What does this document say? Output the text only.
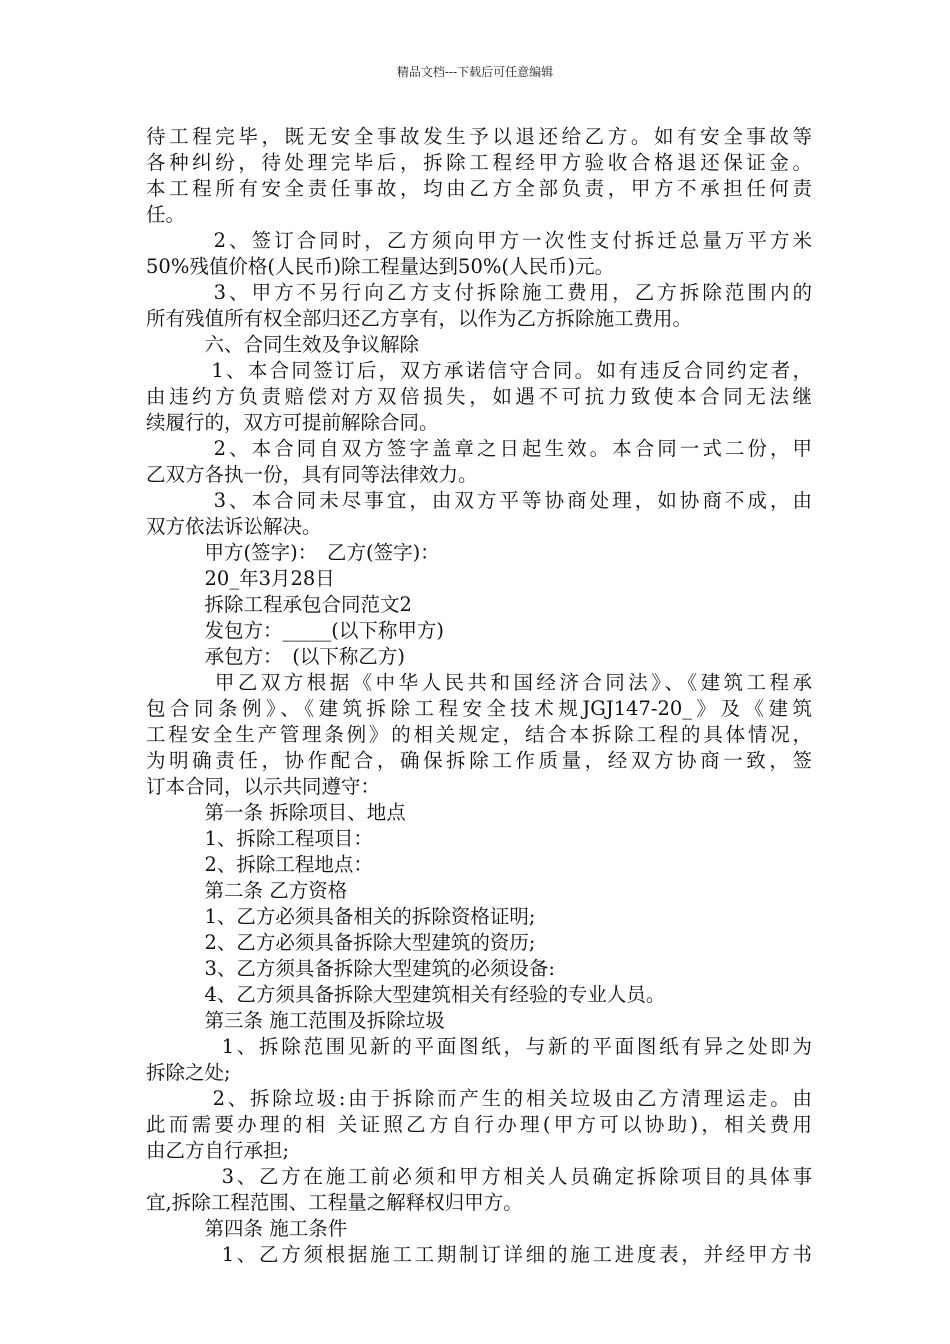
精品文档---下载后可任意编辑
待工程完毕，既无安全事故发生予以退还给乙方。如有安全事故等
各种纠纷，待处理完毕后，拆除工程经甲方验收合格退还保证金。
本工程所有安全责任事故，均由乙方全部负责，甲方不承担任何责
任。
　　　2、签订合同时，乙方须向甲方一次性支付拆迁总量万平方米
50%残值价格(人民币)除工程量达到50%(人民币)元。
　　　3、甲方不另行向乙方支付拆除施工费用，乙方拆除范围内的
所有残值所有权全部归还乙方享有，以作为乙方拆除施工费用。
　　　六、合同生效及争议解除
　　　1、本合同签订后，双方承诺信守合同。如有违反合同约定者，
由违约方负责赔偿对方双倍损失，如遇不可抗力致使本合同无法继
续履行的，双方可提前解除合同。
　　　2、本合同自双方签字盖章之日起生效。本合同一式二份，甲
乙双方各执一份，具有同等法律效力。
　　　3、本合同未尽事宜，由双方平等协商处理，如协商不成，由
双方依法诉讼解决。
　　　甲方(签字)：　乙方(签字)：
　　　20_年3月28日
　　　拆除工程承包合同范文2
　　　发包方：_____(以下称甲方)
　　　承包方：　(以下称乙方)
　　　甲乙双方根据《中华人民共和国经济合同法》、《建筑工程承
包合同条例》、《建筑拆除工程安全技术规JGJ147-20_》及《建筑
工程安全生产管理条例》的相关规定，结合本拆除工程的具体情况，
为明确责任，协作配合，确保拆除工作质量，经双方协商一致，签
订本合同，以示共同遵守：
　　　第一条 拆除项目、地点
　　　1、拆除工程项目：
　　　2、拆除工程地点：
　　　第二条 乙方资格
　　　1、乙方必须具备相关的拆除资格证明;
　　　2、乙方必须具备拆除大型建筑的资历;
　　　3、乙方须具备拆除大型建筑的必须设备:
　　　4、乙方须具备拆除大型建筑相关有经验的专业人员。
　　　第三条 施工范围及拆除垃圾
　　　 1、拆除范围见新的平面图纸，与新的平面图纸有异之处即为
拆除之处;
　　　2、拆除垃圾:由于拆除而产生的相关垃圾由乙方清理运走。由
此而需要办理的相 关证照乙方自行办理(甲方可以协助)，相关费用
由乙方自行承担;
　　　 3、乙方在施工前必须和甲方相关人员确定拆除项目的具体事
宜,拆除工程范围、工程量之解释权归甲方。
　　　第四条 施工条件
　　　 1、乙方须根据施工工期制订详细的施工进度表，并经甲方书
